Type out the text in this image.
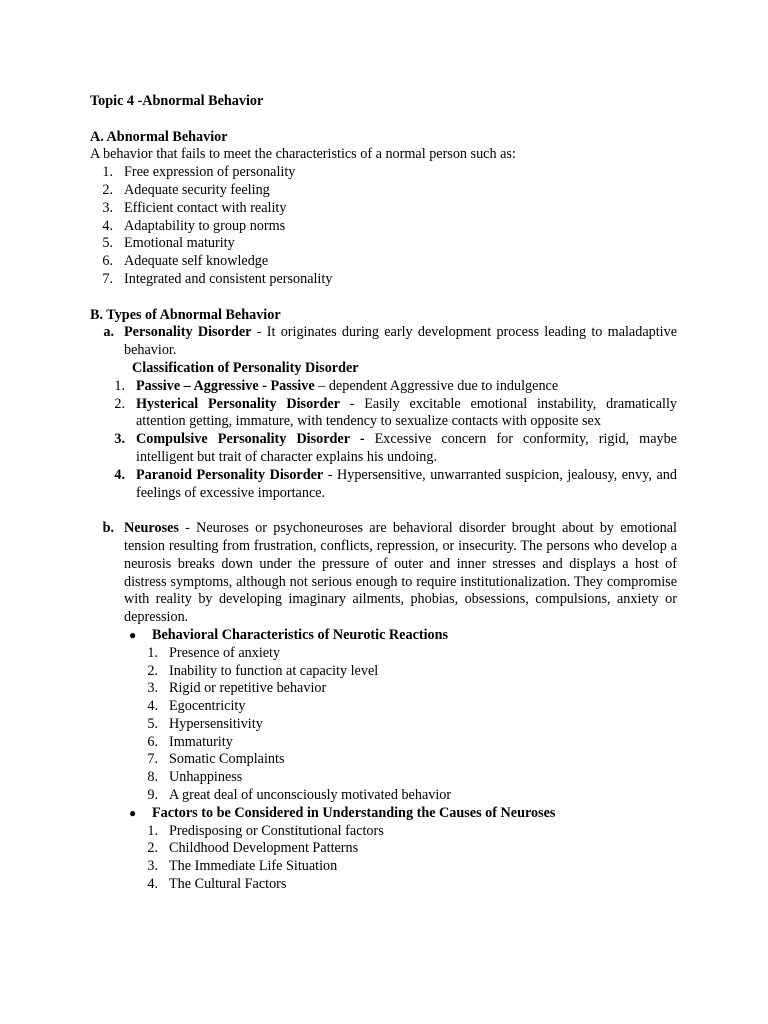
Topic 4 -Abnormal Behavior
A. Abnormal Behavior
A behavior that fails to meet the characteristics of a normal person such as:
1. Free expression of personality
2. Adequate security feeling
3. Efficient contact with reality
4. Adaptability to group norms
5. Emotional maturity
6. Adequate self knowledge
7. Integrated and consistent personality
B. Types of Abnormal Behavior
a. Personality Disorder - It originates during early development process leading to maladaptive behavior.
Classification of Personality Disorder
1. Passive – Aggressive - Passive – dependent Aggressive due to indulgence
2. Hysterical Personality Disorder - Easily excitable emotional instability, dramatically attention getting, immature, with tendency to sexualize contacts with opposite sex
3. Compulsive Personality Disorder - Excessive concern for conformity, rigid, maybe intelligent but trait of character explains his undoing.
4. Paranoid Personality Disorder - Hypersensitive, unwarranted suspicion, jealousy, envy, and feelings of excessive importance.
b. Neuroses - Neuroses or psychoneuroses are behavioral disorder brought about by emotional tension resulting from frustration, conflicts, repression, or insecurity. The persons who develop a neurosis breaks down under the pressure of outer and inner stresses and displays a host of distress symptoms, although not serious enough to require institutionalization. They compromise with reality by developing imaginary ailments, phobias, obsessions, compulsions, anxiety or depression.
● Behavioral Characteristics of Neurotic Reactions
1. Presence of anxiety
2. Inability to function at capacity level
3. Rigid or repetitive behavior
4. Egocentricity
5. Hypersensitivity
6. Immaturity
7. Somatic Complaints
8. Unhappiness
9. A great deal of unconsciously motivated behavior
● Factors to be Considered in Understanding the Causes of Neuroses
1. Predisposing or Constitutional factors
2. Childhood Development Patterns
3. The Immediate Life Situation
4. The Cultural Factors
